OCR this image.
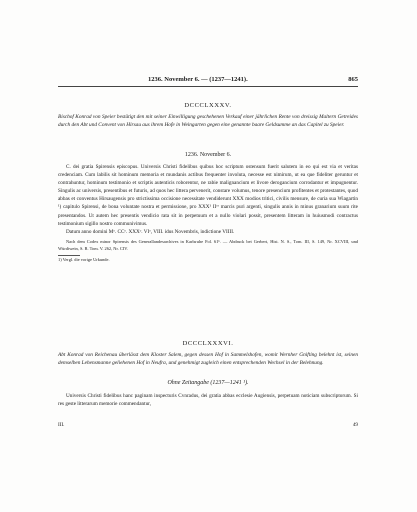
1236. November 6. — (1237—1241).	865
DCCCLXXXV.
Bischof Konrad von Speier bestätigt den mit seiner Einwilligung geschehenen Verkauf einer jährlichen Rente von dreissig Maltern Getreides durch den Abt und Convent von Hirsau aus ihrem Hofe in Weingarten gegen eine genannte baare Geldsumme an das Capitel zu Speier.
1236. November 6.
C. dei gratia Spirensis episcopus. Universis Christi fidelibus quibus hoc scriptum ostensum fuerit salutem in eo qui est via et veritas credenciam. Cum labilis sit hominum memoria et mundanis actibus frequenter involuta, necesse est nimirum, ut ea que fideliter geruntur et contrahuntur, hominum testimonio et scriptis autenticis roborentur, ne rabie malignancium et livore derogancium corrodantur et impugnentur. Singulis ac universis, presentibus et futuris, ad quos hec littera pervenerit, constare volumus, tenore presencium profitentes et protestantes, quod abbas et conventus Hirsaugensis pro strictissima occisione necessitate vendiderunt XXX modios tritici, civilis mensure, de curia sua Wiagartin ¹) capitulo Spirensi, de bona voluntate nostra et permissione, pro XXX¹ IIᵒʳ marcis puri argenti, singulis annis in minus granarium suum rite presentandos. Ut autem hec presentis vendicio rata sit in perpetuum et a nullo violari possit, presentem litteram in huiusmodi contractus testimonium sigillo nostro communivimus.
Datum anno domini Mᵒ. CCᵒ. XXXᵒ. VIᵒ, VIII. idus Novembris, indictione VIIII.
Nach dem Codex minor Spirensis des Generallandesarchives in Karlsruhe Fol. 61ᵇ. — Abdruck bei Gerbert, Hist. N. S., Tom. III, S. 149, Nr. XCVIII, und Würdtwein, S. R. Tom. V. 262, Nr. CIV.
1) Vergl. die vorige Urkunde.
DCCCLXXXVI.
Abt Konrad von Reichenau überlässt dem Kloster Salem, gegen dessen Hof in Sammelshofen, womit Wernher Gnifting belehnt ist, seinen demselben Lehensmanne geliehenen Hof in Neufra, und genehmigt zugleich einen entsprechenden Wechsel in der Belehnung.
Ohne Zeitangabe (1237—1241 ¹).
Universis Christi fidelibus hanc paginam inspecturis Cvnradus, dei gratia abbas ecclesie Augiensis, perpetuam noticiam subscriptorum. Si res geste litterarum memorie commendantur,
III.	49
